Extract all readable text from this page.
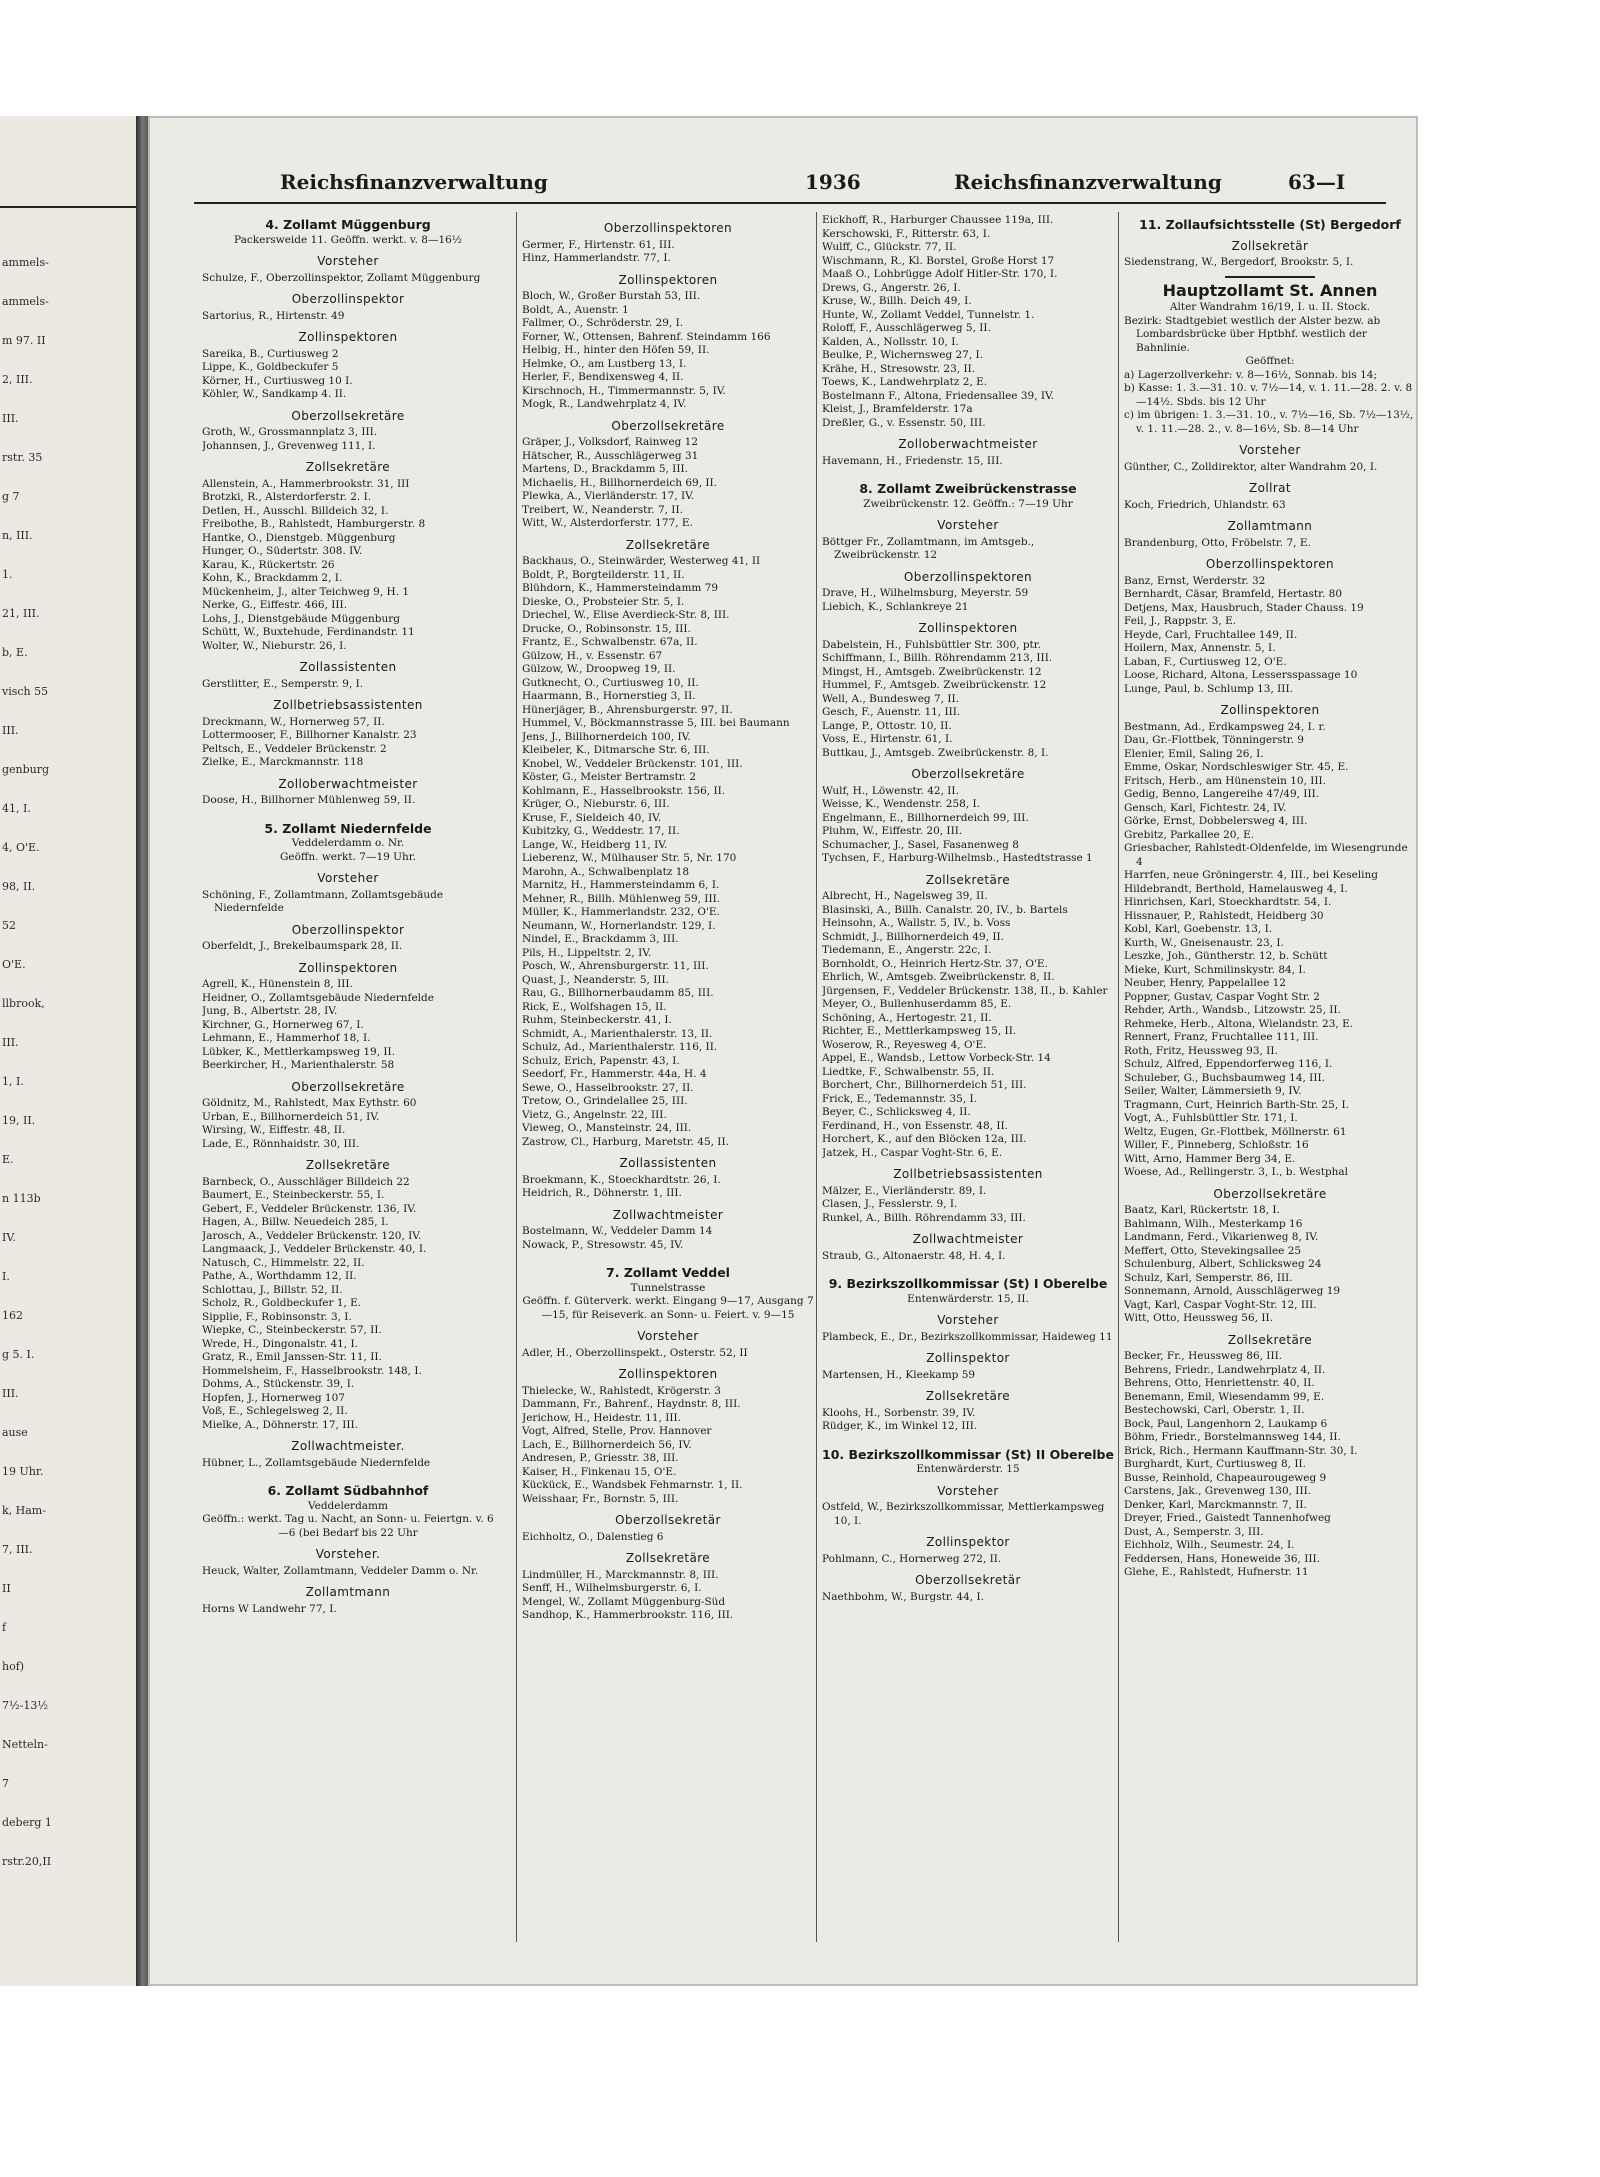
ammels-
ammels-
m 97. II
2, III.
III.
rstr. 35
g 7
n, III.
1.
21, III.
b, E.
visch 55
III.
genburg
41, I.
4, O'E.
98, II.
52
O'E.
llbrook,
III.
1, I.
19, II.
E.
n 113b
IV.
I.
162
g 5. I.
III.
ause
19 Uhr.
k, Ham-
7, III.
II
f
hof)
7½-13½
Netteln-
7
deberg 1
rstr.20,II
Reichsfinanzverwaltung	1936	Reichsfinanzverwaltung	63—I
4. Zollamt Müggenburg
Packersweide 11. Geöffn. werkt. v. 8—16½
Vorsteher
Schulze, F., Oberzollinspektor, Zollamt Müggenburg
Oberzollinspektor
Sartorius, R., Hirtenstr. 49
Zollinspektoren
Sareika, B., Curtiusweg 2
Lippe, K., Goldbeckufer 5
Körner, H., Curtiusweg 10 I.
Köhler, W., Sandkamp 4. II.
Oberzollsekretäre
Groth, W., Grossmannplatz 3, III.
Johannsen, J., Grevenweg 111, I.
Zollsekretäre
Allenstein, A., Hammerbrookstr. 31, III
Brotzki, R., Alsterdorferstr. 2. I.
Detlen, H., Ausschl. Billdeich 32, I.
Freibothe, B., Rahlstedt, Hamburgerstr. 8
Hantke, O., Dienstgeb. Müggenburg
Hunger, O., Südertstr. 308. IV.
Karau, K., Rückertstr. 26
Kohn, K., Brackdamm 2, I.
Mückenheim, J., alter Teichweg 9, H. 1
Nerke, G., Eiffestr. 466, III.
Lohs, J., Dienstgebäude Müggenburg
Schütt, W., Buxtehude, Ferdinandstr. 11
Wolter, W., Nieburstr. 26, I.
Zollassistenten
Gerstlitter, E., Semperstr. 9, I.
Zollbetriebsassistenten
Dreckmann, W., Hornerweg 57, II.
Lottermooser, F., Billhorner Kanalstr. 23
Peltsch, E., Veddeler Brückenstr. 2
Zielke, E., Marckmannstr. 118
Zolloberwachtmeister
Doose, H., Billhorner Mühlenweg 59, II.
5. Zollamt Niedernfelde
Veddelerdamm o. Nr.
Geöffn. werkt. 7—19 Uhr.
Vorsteher
Schöning, F., Zollamtmann, Zollamtsgebäude Niedernfelde
Oberzollinspektor
Oberfeldt, J., Brekelbaumspark 28, II.
Zollinspektoren
Agrell, K., Hünenstein 8, III.
Heidner, O., Zollamtsgebäude Niedernfelde
Jung, B., Albertstr. 28, IV.
Kirchner, G., Hornerweg 67, I.
Lehmann, E., Hammerhof 18, I.
Lübker, K., Mettlerkampsweg 19, II.
Beerkircher, H., Marienthalerstr. 58
Oberzollsekretäre
Göldnitz, M., Rahlstedt, Max Eythstr. 60
Urban, E., Billhornerdeich 51, IV.
Wirsing, W., Eiffestr. 48, II.
Lade, E., Rönnhaidstr. 30, III.
Zollsekretäre
Barnbeck, O., Ausschläger Billdeich 22
Baumert, E., Steinbeckerstr. 55, I.
Gebert, F., Veddeler Brückenstr. 136, IV.
Hagen, A., Billw. Neuedeich 285, I.
Jarosch, A., Veddeler Brückenstr. 120, IV.
Langmaack, J., Veddeler Brückenstr. 40, I.
Natusch, C., Himmelstr. 22, II.
Pathe, A., Worthdamm 12, II.
Schlottau, J., Billstr. 52, II.
Scholz, R., Goldbeckufer 1, E.
Sipplie, F., Robinsonstr. 3, I.
Wiepke, C., Steinbeckerstr. 57, II.
Wrede, H., Dingonalstr. 41, I.
Gratz, R., Emil Janssen-Str. 11, II.
Hommelsheim, F., Hasselbrookstr. 148, I.
Dohms, A., Stückenstr. 39, I.
Hopfen, J., Hornerweg 107
Voß, E., Schlegelsweg 2, II.
Mielke, A., Döhnerstr. 17, III.
Zollwachtmeister.
Hübner, L., Zollamtsgebäude Niedernfelde
6. Zollamt Südbahnhof
Veddelerdamm
Geöffn.: werkt. Tag u. Nacht, an Sonn- u. Feiertgn. v. 6—6 (bei Bedarf bis 22 Uhr
Vorsteher.
Heuck, Walter, Zollamtmann, Veddeler Damm o. Nr.
Zollamtmann
Horns W Landwehr 77, I.
Oberzollinspektoren
Germer, F., Hirtenstr. 61, III.
Hinz, Hammerlandstr. 77, I.
Zollinspektoren
Bloch, W., Großer Burstah 53, III.
Boldt, A., Auenstr. 1
Fallmer, O., Schröderstr. 29, I.
Forner, W., Ottensen, Bahrenf. Steindamm 166
Helbig, H., hinter den Höfen 59, II.
Helmke, O., am Lustberg 13, I.
Herler, F., Bendixensweg 4, II.
Kirschnoch, H., Timmermannstr. 5, IV.
Mogk, R., Landwehrplatz 4, IV.
Oberzollsekretäre
Gräper, J., Volksdorf, Rainweg 12
Hätscher, R., Ausschlägerweg 31
Martens, D., Brackdamm 5, III.
Michaelis, H., Billhornerdeich 69, II.
Plewka, A., Vierländerstr. 17, IV.
Treibert, W., Neanderstr. 7, II.
Witt, W., Alsterdorferstr. 177, E.
Zollsekretäre
Backhaus, O., Steinwärder, Westerweg 41, II
Boldt, P., Borgteilderstr. 11, II.
Blühdorn, K., Hammersteindamm 79
Dieske, O., Probsteier Str. 5, I.
Driechel, W., Elise Averdieck-Str. 8, III.
Drucke, O., Robinsonstr. 15, III.
Frantz, E., Schwalbenstr. 67a, II.
Gülzow, H., v. Essenstr. 67
Gülzow, W., Droopweg 19, II.
Gutknecht, O., Curtiusweg 10, II.
Haarmann, B., Hornerstieg 3, II.
Hünerjäger, B., Ahrensburgerstr. 97, II.
Hummel, V., Böckmannstrasse 5, III. bei Baumann
Jens, J., Billhornerdeich 100, IV.
Kleibeler, K., Ditmarsche Str. 6, III.
Knobel, W., Veddeler Brückenstr. 101, III.
Köster, G., Meister Bertramstr. 2
Kohlmann, E., Hasselbrookstr. 156, II.
Krüger, O., Nieburstr. 6, III.
Kruse, F., Sieldeich 40, IV.
Kubitzky, G., Weddestr. 17, II.
Lange, W., Heidberg 11, IV.
Lieberenz, W., Mülhauser Str. 5, Nr. 170
Marohn, A., Schwalbenplatz 18
Marnitz, H., Hammersteindamm 6, I.
Mehner, R., Billh. Mühlenweg 59, III.
Müller, K., Hammerlandstr. 232, O'E.
Neumann, W., Hornerlandstr. 129, I.
Nindel, E., Brackdamm 3, III.
Pils, H., Lippeltstr. 2, IV.
Posch, W., Ahrensburgerstr. 11, III.
Quast, J., Neanderstr. 5, III.
Rau, G., Billhornerbaudamm 85, III.
Rick, E., Wolfshagen 15, II.
Ruhm, Steinbeckerstr. 41, I.
Schmidt, A., Marienthalerstr. 13, II.
Schulz, Ad., Marienthalerstr. 116, II.
Schulz, Erich, Papenstr. 43, I.
Seedorf, Fr., Hammerstr. 44a, H. 4
Sewe, O., Hasselbrookstr. 27, II.
Tretow, O., Grindelallee 25, III.
Vietz, G., Angelnstr. 22, III.
Vieweg, O., Mansteinstr. 24, III.
Zastrow, Cl., Harburg, Maretstr. 45, II.
Zollassistenten
Broekmann, K., Stoeckhardtstr. 26, I.
Heidrich, R., Döhnerstr. 1, III.
Zollwachtmeister
Bostelmann, W., Veddeler Damm 14
Nowack, P., Stresowstr. 45, IV.
7. Zollamt Veddel
Tunnelstrasse
Geöffn. f. Güterverk. werkt. Eingang 9—17, Ausgang 7—15, für Reiseverk. an Sonn- u. Feiert. v. 9—15
Vorsteher
Adler, H., Oberzollinspekt., Osterstr. 52, II
Zollinspektoren
Thielecke, W., Rahlstedt, Krögerstr. 3
Dammann, Fr., Bahrenf., Haydnstr. 8, III.
Jerichow, H., Heidestr. 11, III.
Vogt, Alfred, Stelle, Prov. Hannover
Lach, E., Billhornerdeich 56, IV.
Andresen, P., Griesstr. 38, III.
Kaiser, H., Finkenau 15, O'E.
Kückück, E., Wandsbek Fehmarnstr. 1, II.
Weisshaar, Fr., Bornstr. 5, III.
Oberzollsekretär
Eichholtz, O., Dalenstieg 6
Zollsekretäre
Lindmüller, H., Marckmannstr. 8, III.
Senff, H., Wilhelmsburgerstr. 6, I.
Mengel, W., Zollamt Müggenburg-Süd
Sandhop, K., Hammerbrookstr. 116, III.
Eickhoff, R., Harburger Chaussee 119a, III.
Kerschowski, F., Ritterstr. 63, I.
Wulff, C., Glückstr. 77, II.
Wischmann, R., Kl. Borstel, Große Horst 17
Maaß O., Lohbrügge Adolf Hitler-Str. 170, I.
Drews, G., Angerstr. 26, I.
Kruse, W., Billh. Deich 49, I.
Hunte, W., Zollamt Veddel, Tunnelstr. 1.
Roloff, F., Ausschlägerweg 5, II.
Kalden, A., Nollsstr. 10, I.
Beulke, P., Wichernsweg 27, I.
Krähe, H., Stresowstr. 23, II.
Toews, K., Landwehrplatz 2, E.
Bostelmann F., Altona, Friedensallee 39, IV.
Kleist, J., Bramfelderstr. 17a
Dreßler, G., v. Essenstr. 50, III.
Zolloberwachtmeister
Havemann, H., Friedenstr. 15, III.
8. Zollamt Zweibrückenstrasse
Zweibrückenstr. 12. Geöffn.: 7—19 Uhr
Vorsteher
Böttger Fr., Zollamtmann, im Amtsgeb., Zweibrückenstr. 12
Oberzollinspektoren
Drave, H., Wilhelmsburg, Meyerstr. 59
Liebich, K., Schlankreye 21
Zollinspektoren
Dabelstein, H., Fuhlsbüttler Str. 300, ptr.
Schiffmann, I., Billh. Röhrendamm 213, III.
Mingst, H., Amtsgeb. Zweibrückenstr. 12
Hummel, F., Amtsgeb. Zweibrückenstr. 12
Well, A., Bundesweg 7, II.
Gesch, F., Auenstr. 11, III.
Lange, P., Ottostr. 10, II.
Voss, E., Hirtenstr. 61, I.
Buttkau, J., Amtsgeb. Zweibrückenstr. 8, I.
Oberzollsekretäre
Wulf, H., Löwenstr. 42, II.
Weisse, K., Wendenstr. 258, I.
Engelmann, E., Billhornerdeich 99, III.
Pluhm, W., Eiffestr. 20, III.
Schumacher, J., Sasel, Fasanenweg 8
Tychsen, F., Harburg-Wilhelmsb., Hastedtstrasse 1
Zollsekretäre
Albrecht, H., Nagelsweg 39, II.
Blasinski, A., Billh. Canalstr. 20, IV., b. Bartels
Heinsohn, A., Wallstr. 5, IV., b. Voss
Schmidt, J., Billhornerdeich 49, II.
Tiedemann, E., Angerstr. 22c, I.
Bornholdt, O., Heinrich Hertz-Str. 37, O'E.
Ehrlich, W., Amtsgeb. Zweibrückenstr. 8, II.
Jürgensen, F., Veddeler Brückenstr. 138, II., b. Kahler
Meyer, O., Bullenhuserdamm 85, E.
Schöning, A., Hertogestr. 21, II.
Richter, E., Mettlerkampsweg 15, II.
Woserow, R., Reyesweg 4, O'E.
Appel, E., Wandsb., Lettow Vorbeck-Str. 14
Liedtke, F., Schwalbenstr. 55, II.
Borchert, Chr., Billhornerdeich 51, III.
Frick, E., Tedemannstr. 35, I.
Beyer, C., Schlicksweg 4, II.
Ferdinand, H., von Essenstr. 48, II.
Horchert, K., auf den Blöcken 12a, III.
Jatzek, H., Caspar Voght-Str. 6, E.
Zollbetriebsassistenten
Mälzer, E., Vierländerstr. 89, I.
Clasen, J., Fesslerstr. 9, I.
Runkel, A., Billh. Röhrendamm 33, III.
Zollwachtmeister
Straub, G., Altonaerstr. 48, H. 4, I.
9. Bezirkszollkommissar (St) I Oberelbe
Entenwärderstr. 15, II.
Vorsteher
Plambeck, E., Dr., Bezirkszollkommissar, Haideweg 11
Zollinspektor
Martensen, H., Kleekamp 59
Zollsekretäre
Kloohs, H., Sorbenstr. 39, IV.
Rüdger, K., im Winkel 12, III.
10. Bezirkszollkommissar (St) II Oberelbe
Entenwärderstr. 15
Vorsteher
Ostfeld, W., Bezirkszollkommissar, Mettlerkampsweg 10, I.
Zollinspektor
Pohlmann, C., Hornerweg 272, II.
Oberzollsekretär
Naethbohm, W., Burgstr. 44, I.
11. Zollaufsichtsstelle (St) Bergedorf
Zollsekretär
Siedenstrang, W., Bergedorf, Brookstr. 5, I.
Hauptzollamt St. Annen
Alter Wandrahm 16/19, I. u. II. Stock.
Bezirk: Stadtgebiet westlich der Alster bezw. ab Lombardsbrücke über Hptbhf. westlich der Bahnlinie.
Geöffnet:
a) Lagerzollverkehr: v. 8—16½, Sonnab. bis 14;
b) Kasse: 1. 3.—31. 10. v. 7½—14, v. 1. 11.—28. 2. v. 8—14½. Sbds. bis 12 Uhr
c) im übrigen: 1. 3.—31. 10., v. 7½—16, Sb. 7½—13½, v. 1. 11.—28. 2., v. 8—16½, Sb. 8—14 Uhr
Vorsteher
Günther, C., Zolldirektor, alter Wandrahm 20, I.
Zollrat
Koch, Friedrich, Uhlandstr. 63
Zollamtmann
Brandenburg, Otto, Fröbelstr. 7, E.
Oberzollinspektoren
Banz, Ernst, Werderstr. 32
Bernhardt, Cäsar, Bramfeld, Hertastr. 80
Detjens, Max, Hausbruch, Stader Chauss. 19
Feil, J., Rappstr. 3, E.
Heyde, Carl, Fruchtallee 149, II.
Hoilern, Max, Annenstr. 5, I.
Laban, F., Curtiusweg 12, O'E.
Loose, Richard, Altona, Lessersspassage 10
Lunge, Paul, b. Schlump 13, III.
Zollinspektoren
Bestmann, Ad., Erdkampsweg 24, I. r.
Dau, Gr.-Flottbek, Tönningerstr. 9
Elenier, Emil, Saling 26, I.
Emme, Oskar, Nordschleswiger Str. 45, E.
Fritsch, Herb., am Hünenstein 10, III.
Gedig, Benno, Langereihe 47/49, III.
Gensch, Karl, Fichtestr. 24, IV.
Görke, Ernst, Dobbelersweg 4, III.
Grebitz, Parkallee 20, E.
Griesbacher, Rahlstedt-Oldenfelde, im Wiesengrunde 4
Harrfen, neue Gröningerstr. 4, III., bei Keseling
Hildebrandt, Berthold, Hamelausweg 4, I.
Hinrichsen, Karl, Stoeckhardtstr. 54, I.
Hissnauer, P., Rahlstedt, Heidberg 30
Kobl, Karl, Goebenstr. 13, I.
Kurth, W., Gneisenaustr. 23, I.
Leszke, Joh., Güntherstr. 12, b. Schütt
Mieke, Kurt, Schmilinskystr. 84, I.
Neuber, Henry, Pappelallee 12
Poppner, Gustav, Caspar Voght Str. 2
Rehder, Arth., Wandsb., Litzowstr. 25, II.
Rehmeke, Herb., Altona, Wielandstr. 23, E.
Rennert, Franz, Fruchtallee 111, III.
Roth, Fritz, Heussweg 93, II.
Schulz, Alfred, Eppendorferweg 116, I.
Schuleber, G., Buchsbaumweg 14, III.
Seiler, Walter, Lämmersieth 9, IV.
Tragmann, Curt, Heinrich Barth-Str. 25, I.
Vogt, A., Fuhlsbüttler Str. 171, I.
Weltz, Eugen, Gr.-Flottbek, Möllnerstr. 61
Willer, F., Pinneberg, Schloßstr. 16
Witt, Arno, Hammer Berg 34, E.
Woese, Ad., Rellingerstr. 3, I., b. Westphal
Oberzollsekretäre
Baatz, Karl, Rückertstr. 18, I.
Bahlmann, Wilh., Mesterkamp 16
Landmann, Ferd., Vikarienweg 8, IV.
Meffert, Otto, Stevekingsallee 25
Schulenburg, Albert, Schlicksweg 24
Schulz, Karl, Semperstr. 86, III.
Sonnemann, Arnold, Ausschlägerweg 19
Vagt, Karl, Caspar Voght-Str. 12, III.
Witt, Otto, Heussweg 56, II.
Zollsekretäre
Becker, Fr., Heussweg 86, III.
Behrens, Friedr., Landwehrplatz 4, II.
Behrens, Otto, Henriettenstr. 40, II.
Benemann, Emil, Wiesendamm 99, E.
Bestechowski, Carl, Oberstr. 1, II.
Bock, Paul, Langenhorn 2, Laukamp 6
Böhm, Friedr., Borstelmannsweg 144, II.
Brick, Rich., Hermann Kauffmann-Str. 30, I.
Burghardt, Kurt, Curtiusweg 8, II.
Busse, Reinhold, Chapeaurougeweg 9
Carstens, Jak., Grevenweg 130, III.
Denker, Karl, Marckmannstr. 7, II.
Dreyer, Fried., Gaistedt Tannenhofweg
Dust, A., Semperstr. 3, III.
Eichholz, Wilh., Seumestr. 24, I.
Feddersen, Hans, Honeweide 36, III.
Glehe, E., Rahlstedt, Hufnerstr. 11
